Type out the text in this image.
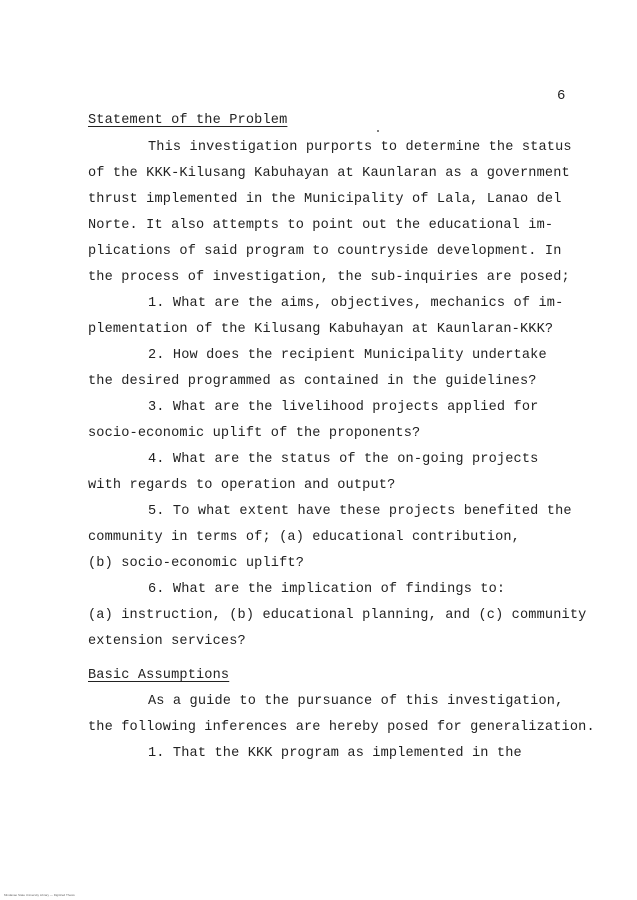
6
Statement of the Problem
This investigation purports to determine the status
of the KKK-Kilusang Kabuhayan at Kaunlaran as a government
thrust implemented in the Municipality of Lala, Lanao del
Norte. It also attempts to point out the educational im-
plications of said program to countryside development. In
the process of investigation, the sub-inquiries are posed;
1. What are the aims, objectives, mechanics of im-
plementation of the Kilusang Kabuhayan at Kaunlaran-KKK?
2. How does the recipient Municipality undertake
the desired programmed as contained in the guidelines?
3. What are the livelihood projects applied for
socio-economic uplift of the proponents?
4. What are the status of the on-going projects
with regards to operation and output?
5. To what extent have these projects benefited the
community in terms of; (a) educational contribution,
(b) socio-economic uplift?
6. What are the implication of findings to:
(a) instruction, (b) educational planning, and (c) community
extension services?
Basic Assumptions
As a guide to the pursuance of this investigation,
the following inferences are hereby posed for generalization.
1. That the KKK program as implemented in the
Mindanao State University Library — Digitized Thesis
